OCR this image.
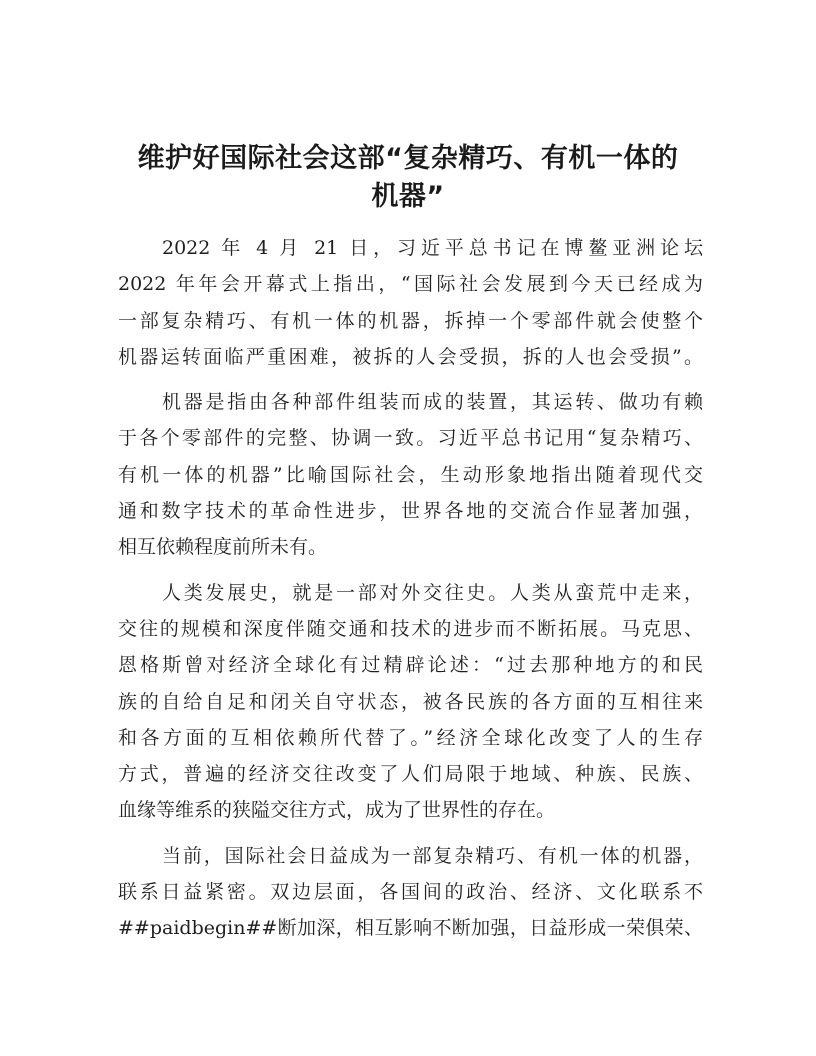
维护好国际社会这部“复杂精巧、有机一体的
机器”
2022 年 4 月 21 日，习近平总书记在博鳌亚洲论坛
2022 年年会开幕式上指出，“国际社会发展到今天已经成为
一部复杂精巧、有机一体的机器，拆掉一个零部件就会使整个
机器运转面临严重困难，被拆的人会受损，拆的人也会受损”。
机器是指由各种部件组装而成的装置，其运转、做功有赖
于各个零部件的完整、协调一致。习近平总书记用“复杂精巧、
有机一体的机器”比喻国际社会，生动形象地指出随着现代交
通和数字技术的革命性进步，世界各地的交流合作显著加强，
相互依赖程度前所未有。
人类发展史，就是一部对外交往史。人类从蛮荒中走来，
交往的规模和深度伴随交通和技术的进步而不断拓展。马克思、
恩格斯曾对经济全球化有过精辟论述：“过去那种地方的和民
族的自给自足和闭关自守状态，被各民族的各方面的互相往来
和各方面的互相依赖所代替了。”经济全球化改变了人的生存
方式，普遍的经济交往改变了人们局限于地域、种族、民族、
血缘等维系的狭隘交往方式，成为了世界性的存在。
当前，国际社会日益成为一部复杂精巧、有机一体的机器，
联系日益紧密。双边层面，各国间的政治、经济、文化联系不
##paidbegin##断加深，相互影响不断加强，日益形成一荣俱荣、
